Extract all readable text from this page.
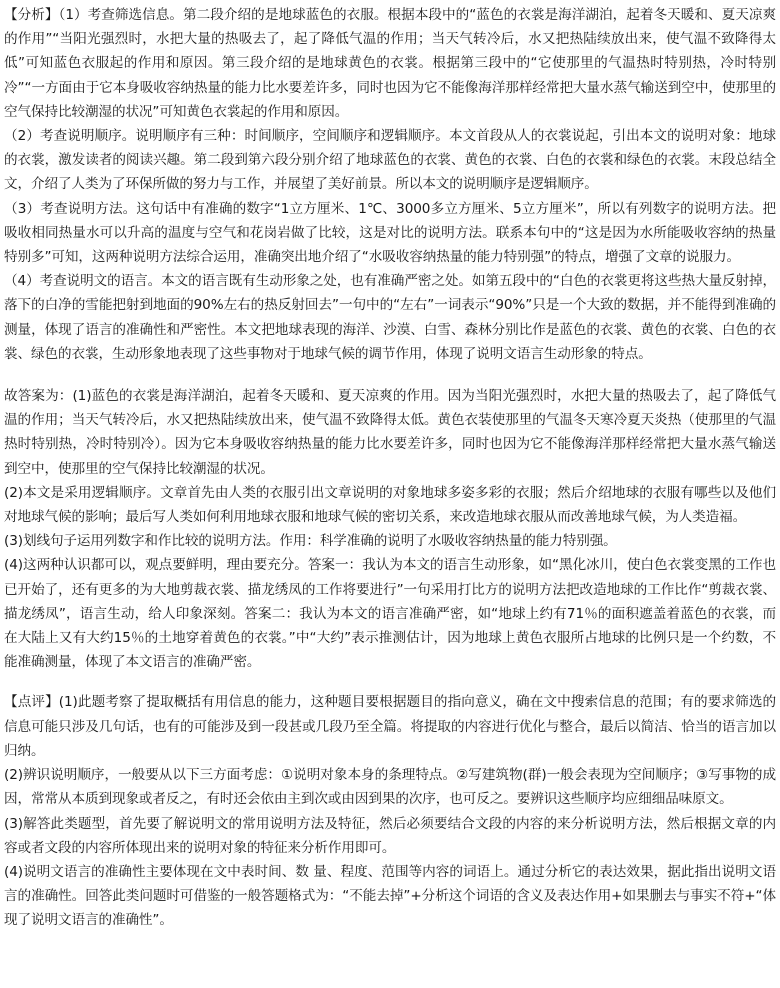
【分析】（1）考查筛选信息。第二段介绍的是地球蓝色的衣服。根据本段中的“蓝色的衣裳是海洋湖泊，起着冬天暖和、夏天凉爽的作用”“当阳光强烈时，水把大量的热吸去了，起了降低气温的作用；当天气转冷后，水又把热陆续放出来，使气温不致降得太低”可知蓝色衣服起的作用和原因。第三段介绍的是地球黄色的衣裳。根据第三段中的“它使那里的气温热时特别热，冷时特别冷”“一方面由于它本身吸收容纳热量的能力比水要差许多，同时也因为它不能像海洋那样经常把大量水蒸气输送到空中，使那里的空气保持比较潮湿的状况”可知黄色衣裳起的作用和原因。

（2）考查说明顺序。说明顺序有三种：时间顺序，空间顺序和逻辑顺序。本文首段从人的衣裳说起，引出本文的说明对象：地球的衣裳，激发读者的阅读兴趣。第二段到第六段分别介绍了地球蓝色的衣裳、黄色的衣裳、白色的衣裳和绿色的衣裳。末段总结全文，介绍了人类为了环保所做的努力与工作，并展望了美好前景。所以本文的说明顺序是逻辑顺序。

（3）考查说明方法。这句话中有准确的数字“1立方厘米、1℃、3000多立方厘米、5立方厘米”，所以有列数字的说明方法。把吸收相同热量水可以升高的温度与空气和花岗岩做了比较，这是对比的说明方法。联系本句中的“这是因为水所能吸收容纳的热量特别多”可知，这两种说明方法综合运用，准确突出地介绍了“水吸收容纳热量的能力特别强”的特点，增强了文章的说服力。

（4）考查说明文的语言。本文的语言既有生动形象之处，也有准确严密之处。如第五段中的“白色的衣裳更将这些热大量反射掉，落下的白净的雪能把射到地面的90%左右的热反射回去”一句中的“左右”一词表示“90%”只是一个大致的数据，并不能得到准确的测量，体现了语言的准确性和严密性。本文把地球表现的海洋、沙漠、白雪、森林分别比作是蓝色的衣裳、黄色的衣裳、白色的衣裳、绿色的衣裳，生动形象地表现了这些事物对于地球气候的调节作用，体现了说明文语言生动形象的特点。

故答案为：(1)蓝色的衣裳是海洋湖泊，起着冬天暖和、夏天凉爽的作用。因为当阳光强烈时，水把大量的热吸去了，起了降低气温的作用；当天气转冷后，水又把热陆续放出来，使气温不致降得太低。黄色衣装使那里的气温冬天寒冷夏天炎热（使那里的气温热时特别热，冷时特别冷）。因为它本身吸收容纳热量的能力比水要差许多，同时也因为它不能像海洋那样经常把大量水蒸气输送到空中，使那里的空气保持比较潮湿的状况。

(2)本文是采用逻辑顺序。文章首先由人类的衣服引出文章说明的对象地球多姿多彩的衣服；然后介绍地球的衣服有哪些以及他们对地球气候的影响；最后写人类如何利用地球衣服和地球气候的密切关系，来改造地球衣服从而改善地球气候，为人类造福。

(3)划线句子运用列数字和作比较的说明方法。作用：科学准确的说明了水吸收容纳热量的能力特别强。

(4)这两种认识都可以，观点要鲜明，理由要充分。答案一：我认为本文的语言生动形象，如“黑化冰川，使白色衣裳变黑的工作也已开始了，还有更多的为大地剪裁衣裳、描龙绣凤的工作将要进行”一句采用打比方的说明方法把改造地球的工作比作“剪裁衣裳、描龙绣凤”，语言生动，给人印象深刻。答案二：我认为本文的语言准确严密，如“地球上约有71％的面积遮盖着蓝色的衣裳，而在大陆上又有大约15％的土地穿着黄色的衣裳。”中“大约”表示推测估计，因为地球上黄色衣服所占地球的比例只是一个约数，不能准确测量，体现了本文语言的准确严密。

【点评】(1)此题考察了提取概括有用信息的能力，这种题目要根据题目的指向意义，确在文中搜索信息的范围；有的要求筛选的信息可能只涉及几句话，也有的可能涉及到一段甚或几段乃至全篇。将提取的内容进行优化与整合，最后以简洁、恰当的语言加以归纳。

(2)辨识说明顺序，一般要从以下三方面考虑：①说明对象本身的条理特点。②写建筑物(群)一般会表现为空间顺序；③写事物的成因，常常从本质到现象或者反之，有时还会依由主到次或由因到果的次序，也可反之。要辨识这些顺序均应细细品味原文。

(3)解答此类题型，首先要了解说明文的常用说明方法及特征，然后必须要结合文段的内容的来分析说明方法，然后根据文章的内容或者文段的内容所体现出来的说明对象的特征来分析作用即可。

(4)说明文语言的准确性主要体现在文中表时间、数 量、程度、范围等内容的词语上。通过分析它的表达效果，据此指出说明文语言的准确性。回答此类问题时可借鉴的一般答题格式为：“不能去掉”+分析这个词语的含义及表达作用+如果删去与事实不符+“体现了说明文语言的准确性”。
